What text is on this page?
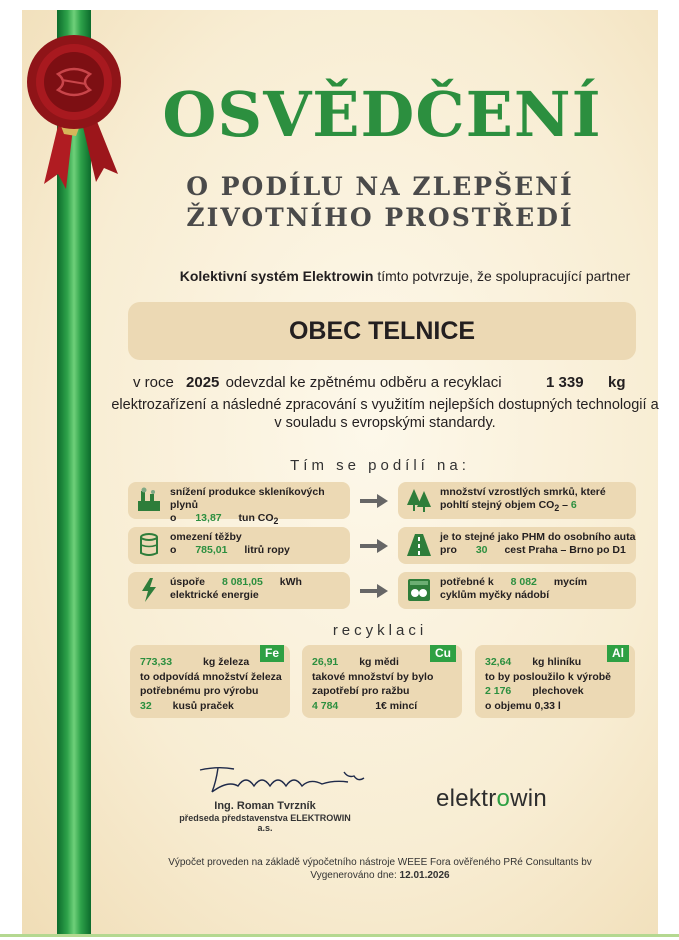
OSVĚDČENÍ
O PODÍLU NA ZLEPŠENÍ
ŽIVOTNÍHO PROSTŘEDÍ
Kolektivní systém Elektrowin tímto potvrzuje, že spolupracující partner
OBEC TELNICE
v roce 2025 odevzdal ke zpětnému odběru a recyklaci	1 339 kg
elektrozařízení a následné zpracování s využitím nejlepších dostupných technologií a v souladu s evropskými standardy.
Tím se podílí na:
snížení produkce skleníkových plynů
o 13,87 tun $CO_2$
množství vzrostlých smrků, které
pohltí stejný objem $CO_2 - 6$
omezení těžby
o 785,01 litrů ropy
je to stejné jako PHM do osobního auta
pro 30 cest Praha – Brno po D1
úspoře 8 081,05 kWh
elektrické energie
potřebné k 8 082 mycím
cyklům myčky nádobí
recyklaci
Fe
773,33	kg železa
to odpovídá množství železa
potřebnému pro výrobu
32 kusů praček
Cu
26,91 kg mědi
takové množství by bylo
zapotřebí pro ražbu
4 784	1€ mincí
Al
32,64 kg hliníku
to by posloužilo k výrobě
2 176 plechovek
o objemu 0,33 l
Ing. Roman Tvrzník
předseda představenstva ELEKTROWIN a.s.
elektrowin
Výpočet proveden na základě výpočetního nástroje WEEE Fora ověřeného PRé Consultants bv
Vygenerováno dne: 12.01.2026
